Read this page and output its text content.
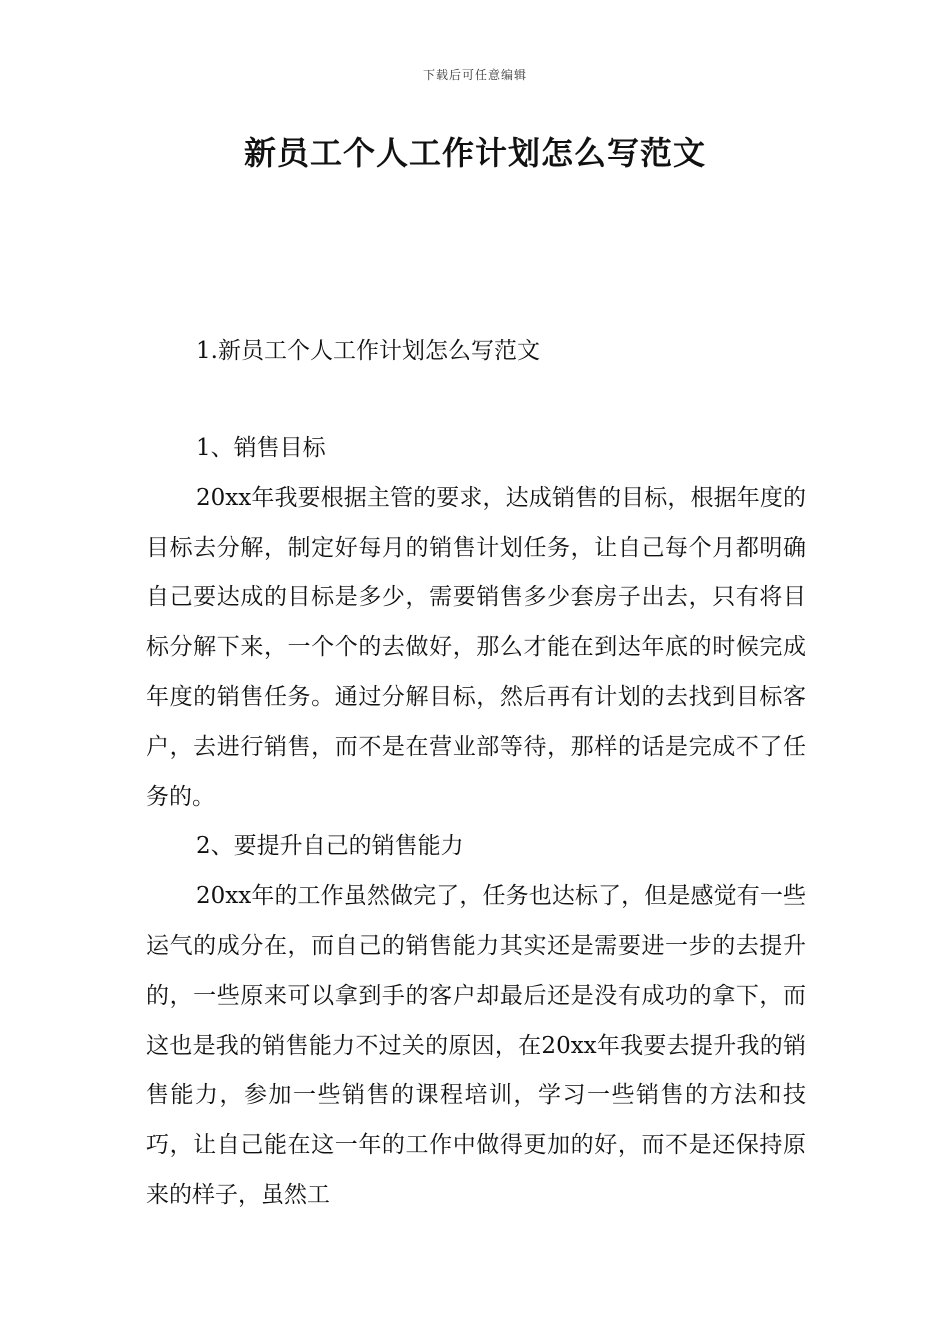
下载后可任意编辑
新员工个人工作计划怎么写范文

1.新员工个人工作计划怎么写范文

1、销售目标

20xx年我要根据主管的要求，达成销售的目标，根据年度的目标去分解，制定好每月的销售计划任务，让自己每个月都明确自己要达成的目标是多少，需要销售多少套房子出去，只有将目标分解下来，一个个的去做好，那么才能在到达年底的时候完成年度的销售任务。通过分解目标，然后再有计划的去找到目标客户，去进行销售，而不是在营业部等待，那样的话是完成不了任务的。

2、要提升自己的销售能力

20xx年的工作虽然做完了，任务也达标了，但是感觉有一些运气的成分在，而自己的销售能力其实还是需要进一步的去提升的，一些原来可以拿到手的客户却最后还是没有成功的拿下，而这也是我的销售能力不过关的原因，在20xx年我要去提升我的销售能力，参加一些销售的课程培训，学习一些销售的方法和技巧，让自己能在这一年的工作中做得更加的好，而不是还保持原来的样子，虽然工
